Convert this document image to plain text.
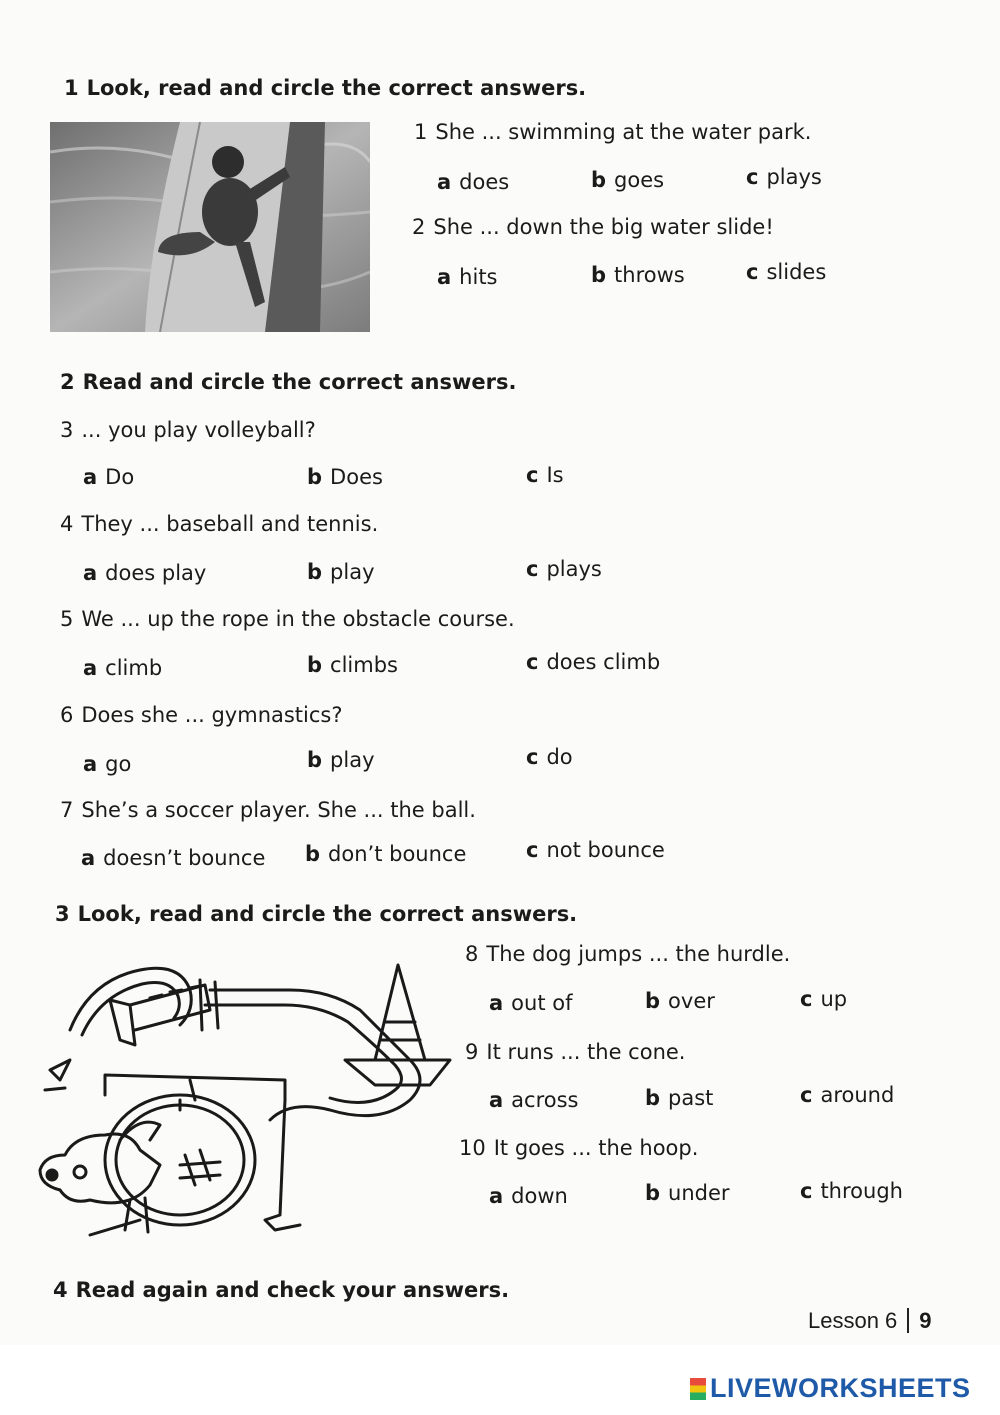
1 Look, read and circle the correct answers.
1 She ... swimming at the water park.
a does	b goes	c plays
2 She ... down the big water slide!
a hits	b throws	c slides
2 Read and circle the correct answers.
3 ... you play volleyball?
a Do	b Does	c Is
4 They ... baseball and tennis.
a does play	b play	c plays
5 We ... up the rope in the obstacle course.
a climb	b climbs	c does climb
6 Does she ... gymnastics?
a go	b play	c do
7 She’s a soccer player. She ... the ball.
a doesn’t bounce b don’t bounce	c not bounce
3 Look, read and circle the correct answers.
8 The dog jumps ... the hurdle.
a out of	b over	c up
9 It runs ... the cone.
a across	b past	c around
10 It goes ... the hoop.
a down	b under	c through
4 Read again and check your answers.
Lesson 6 9
LIVEWORKSHEETS
